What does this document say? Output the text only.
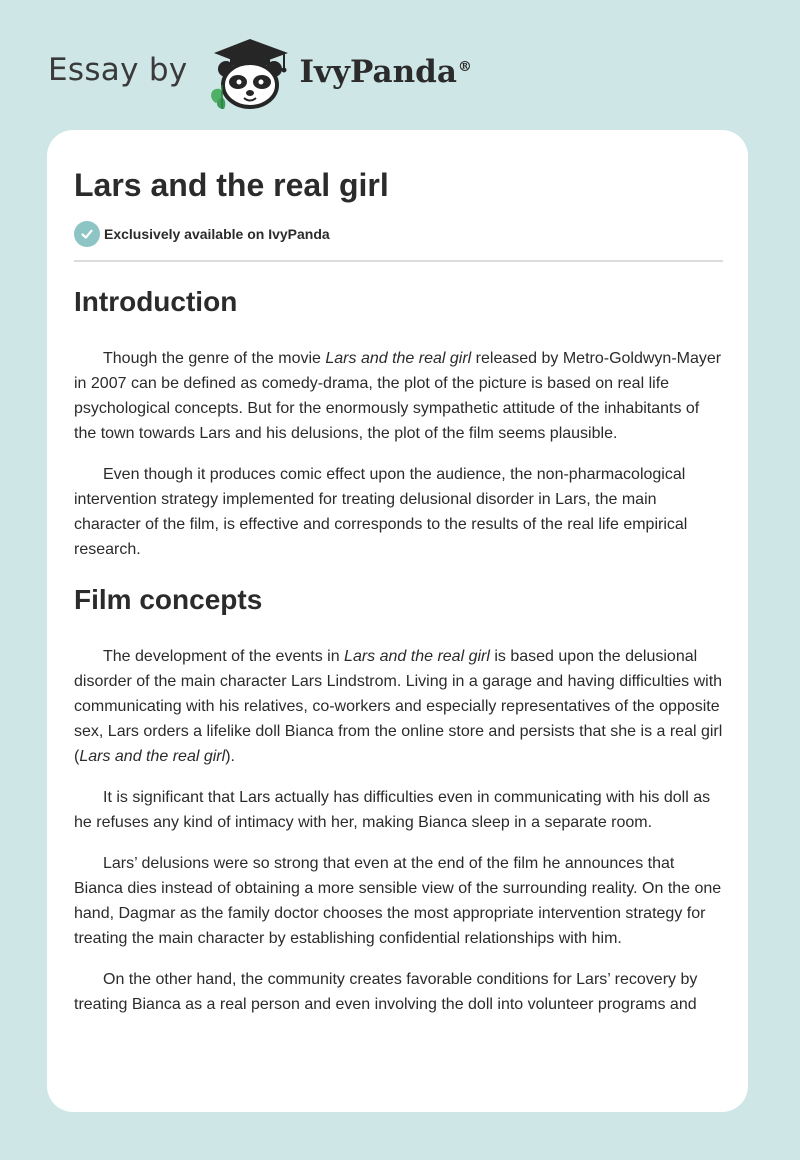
Essay by	IvyPanda®
Lars and the real girl
Exclusively available on IvyPanda
Introduction

Though the genre of the movie Lars and the real girl released by Metro-Goldwyn-Mayer in 2007 can be defined as comedy-drama, the plot of the picture is based on real life psychological concepts. But for the enormously sympathetic attitude of the inhabitants of the town towards Lars and his delusions, the plot of the film seems plausible.

Even though it produces comic effect upon the audience, the non-pharmacological intervention strategy implemented for treating delusional disorder in Lars, the main character of the film, is effective and corresponds to the results of the real life empirical research.

Film concepts

The development of the events in Lars and the real girl is based upon the delusional disorder of the main character Lars Lindstrom. Living in a garage and having difficulties with communicating with his relatives, co-workers and especially representatives of the opposite sex, Lars orders a lifelike doll Bianca from the online store and persists that she is a real girl (Lars and the real girl).

It is significant that Lars actually has difficulties even in communicating with his doll as he refuses any kind of intimacy with her, making Bianca sleep in a separate room.

Lars’ delusions were so strong that even at the end of the film he announces that Bianca dies instead of obtaining a more sensible view of the surrounding reality. On the one hand, Dagmar as the family doctor chooses the most appropriate intervention strategy for treating the main character by establishing confidential relationships with him.

On the other hand, the community creates favorable conditions for Lars’ recovery by treating Bianca as a real person and even involving the doll into volunteer programs and
